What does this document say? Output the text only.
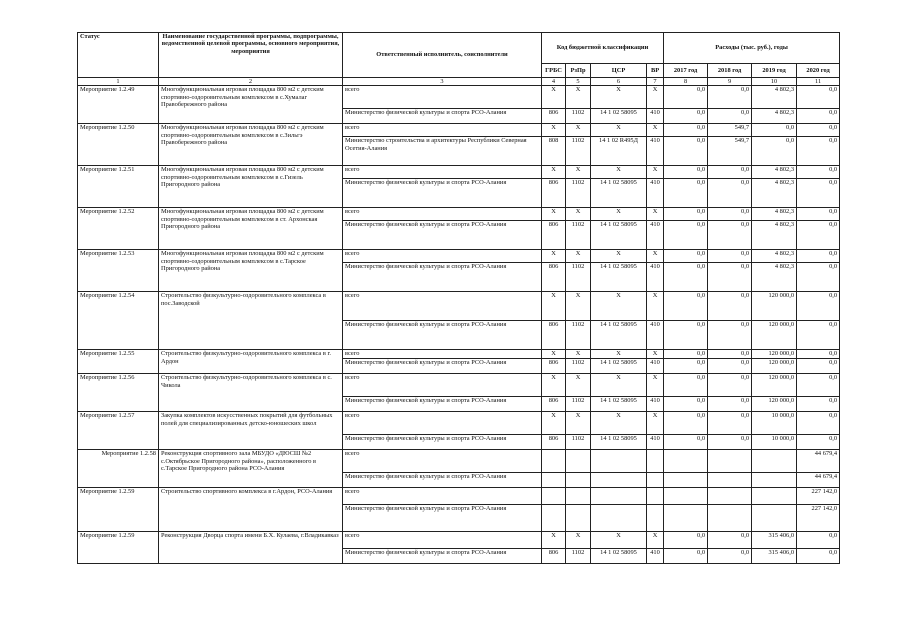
Статус	Наименование государственной программы, подпрограммы, ведомственной целевой программы, основного мероприятия, мероприятия	Ответственный исполнитель, соисполнители	Код бюджетной классификации				Расходы (тыс. руб.), годы			
			ГРБС	РзПр	ЦСР	ВР	2017 год	2018 год	2019 год	2020 год
1	2	3	4	5	6	7	8	9	10	11
Мероприятие 1.2.49	Многофункциональная игровая площадка 800 м2 с детским спортивно-оздоровительным комплексом в с.Хумалаг Правобережного района	всего	X	X	X	X	0,0	0,0	4 802,3	0,0
		Министерство физической культуры и спорта РСО-Алания	806	1102	14 1 02 58095	410	0,0	0,0	4 802,3	0,0
Мероприятие 1.2.50	Многофункциональная игровая площадка 800 м2 с детским спортивно-оздоровительным комплексом в с.Зильгэ Правобережного района	всего	X	X	X	X	0,0	549,7	0,0	0,0
		Министерство строительства и архитектуры Республики Северная Осетия-Алания	808	1102	14 1 02 R495Д	410	0,0	549,7	0,0	0,0
Мероприятие 1.2.51	Многофункциональная игровая площадка 800 м2 с детским спортивно-оздоровительным комплексом в с.Гизель Пригородного района	всего	X	X	X	X	0,0	0,0	4 802,3	0,0
		Министерство физической культуры и спорта РСО-Алания	806	1102	14 1 02 58095	410	0,0	0,0	4 802,3	0,0
Мероприятие 1.2.52	Многофункциональная игровая площадка 800 м2 с детским спортивно-оздоровительным комплексом в ст. Архонская Пригородного района	всего	X	X	X	X	0,0	0,0	4 802,3	0,0
		Министерство физической культуры и спорта РСО-Алания	806	1102	14 1 02 58095	410	0,0	0,0	4 802,3	0,0
Мероприятие 1.2.53	Многофункциональная игровая площадка 800 м2 с детским спортивно-оздоровительным комплексом в с.Тарское Пригородного района	всего	X	X	X	X	0,0	0,0	4 802,3	0,0
		Министерство физической культуры и спорта РСО-Алания	806	1102	14 1 02 58095	410	0,0	0,0	4 802,3	0,0
Мероприятие 1.2.54	Строительство физкультурно-оздоровительного комплекса в пос.Заводской	всего	X	X	X	X	0,0	0,0	120 000,0	0,0
		Министерство физической культуры и спорта РСО-Алания	806	1102	14 1 02 58095	410	0,0	0,0	120 000,0	0,0
Мероприятие 1.2.55	Строительство физкультурно-оздоровительного комплекса в г. Ардон	всего	X	X	X	X	0,0	0,0	120 000,0	0,0
		Министерство физической культуры и спорта РСО-Алания	806	1102	14 1 02 58095	410	0,0	0,0	120 000,0	0,0
Мероприятие 1.2.56	Строительство физкультурно-оздоровительного комплекса в с. Чикола	всего	X	X	X	X	0,0	0,0	120 000,0	0,0
		Министерство физической культуры и спорта РСО-Алания	806	1102	14 1 02 58095	410	0,0	0,0	120 000,0	0,0
Мероприятие 1.2.57	Закупка комплектов искусственных покрытий для футбольных полей для специализированных детско-юношеских школ	всего	X	X	X	X	0,0	0,0	10 000,0	0,0
		Министерство физической культуры и спорта РСО-Алания	806	1102	14 1 02 58095	410	0,0	0,0	10 000,0	0,0
Мероприятие 1.2.58	Реконструкция спортивного зала МБУДО «ДЮСШ №2 с.Октябрьское Пригородного района», расположенного в с.Тарское Пригородного района РСО-Алания	всего								44 679,4
		Министерство физической культуры и спорта РСО-Алания								44 679,4
Мероприятие 1.2.59	Строительство спортивного комплекса в г.Ардон, РСО-Алания	всего								227 142,0
		Министерство физической культуры и спорта РСО-Алания								227 142,0
Мероприятие 1.2.59	Реконструкция Дворца спорта имени Б.Х. Кулаева, г.Владикавказ	всего	X	X	X	X	0,0	0,0	315 406,0	0,0
		Министерство физической культуры и спорта РСО-Алания	806	1102	14 1 02 58095	410	0,0	0,0	315 406,0	0,0
